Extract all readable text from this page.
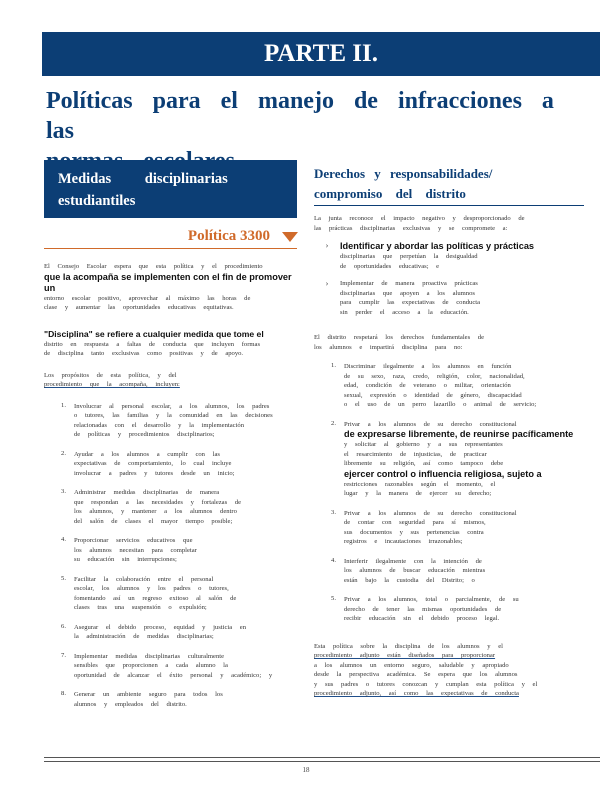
PARTE II.
Políticas para el manejo de infracciones a las
Medidas disciplinarias
estudiantiles
Política 3300
El Consejo Escolar espera que esta política y el procedimiento
que la acompaña se implementen con el fin de promover un
entorno escolar positivo, aprovechar al máximo las horas de
clase y aumentar las oportunidades educativas equitativas.
"Disciplina" se refiere a cualquier medida que tome el
distrito en respuesta a faltas de conducta que incluyen formas
de disciplina tanto exclusivas como positivas y de apoyo.
Los propósitos de esta política, y del
procedimiento que la acompaña, incluyen:
1.	Involucrar al personal escolar, a los alumnos, los padres
o tutores, las familias y la comunidad en las decisiones
relacionadas con el desarrollo y la implementación
de políticas y procedimientos disciplinarios;
2.	Ayudar a los alumnos a cumplir con las
expectativas de comportamiento, lo cual incluye
involucrar a padres y tutores desde un inicio;
3.	Administrar medidas disciplinarias de manera
que respondan a las necesidades y fortalezas de
los alumnos, y mantener a los alumnos dentro
del salón de clases el mayor tiempo posible;
4.	Proporcionar servicios educativos que
los alumnos necesitan para completar
su educación sin interrupciones;
5.	Facilitar la colaboración entre el personal
escolar, los alumnos y los padres o tutores,
fomentando así un regreso exitoso al salón de
clases tras una suspensión o expulsión;
6.	Asegurar el debido proceso, equidad y justicia en
la administración de medidas disciplinarias;
7.	Implementar medidas disciplinarias culturalmente
sensibles que proporcionen a cada alumno la
oportunidad de alcanzar el éxito personal y académico; y
8.	Generar un ambiente seguro para todos los
alumnos y empleados del distrito.
Derechos y responsabilidades/
compromiso del distrito
La junta reconoce el impacto negativo y desproporcionado de
las prácticas disciplinarias exclusivas y se compromete a:
›	Identificar y abordar las políticas y prácticas
disciplinarias que perpetúan la desigualdad
de oportunidades educativas; e
›	Implementar de manera proactiva prácticas
disciplinarias que apoyen a los alumnos
para cumplir las expectativas de conducta
sin perder el acceso a la educación.
El distrito respetará los derechos fundamentales de
los alumnos e impartirá disciplina para no:
1.	Discriminar ilegalmente a los alumnos en función
de su sexo, raza, credo, religión, color, nacionalidad,
edad, condición de veterano o militar, orientación
sexual, expresión o identidad de género, discapacidad
o el uso de un perro lazarillo o animal de servicio;
2.	Privar a los alumnos de su derecho constitucional
de expresarse libremente, de reunirse pacíficamente
y solicitar al gobierno y a sus representantes
el resarcimiento de injusticias, de practicar
libremente su religión, así como tampoco debe
ejercer control o influencia religiosa, sujeto a
restricciones razonables según el momento, el
lugar y la manera de ejercer su derecho;
3.	Privar a los alumnos de su derecho constitucional
de contar con seguridad para sí mismos,
sus documentos y sus pertenencias contra
registros e incautaciones irrazonables;
4.	Interferir ilegalmente con la intención de
los alumnos de buscar educación mientras
están bajo la custodia del Distrito; o
5.	Privar a los alumnos, total o parcialmente, de su
derecho de tener las mismas oportunidades de
recibir educación sin el debido proceso legal.
Esta política sobre la disciplina de los alumnos y el
procedimiento adjunto están diseñados para proporcionar
a los alumnos un entorno seguro, saludable y apropiado
desde la perspectiva académica. Se espera que los alumnos
y sus padres o tutores conozcan y cumplan esta política y el
procedimiento adjunto, así como las expectativas de conducta
18
